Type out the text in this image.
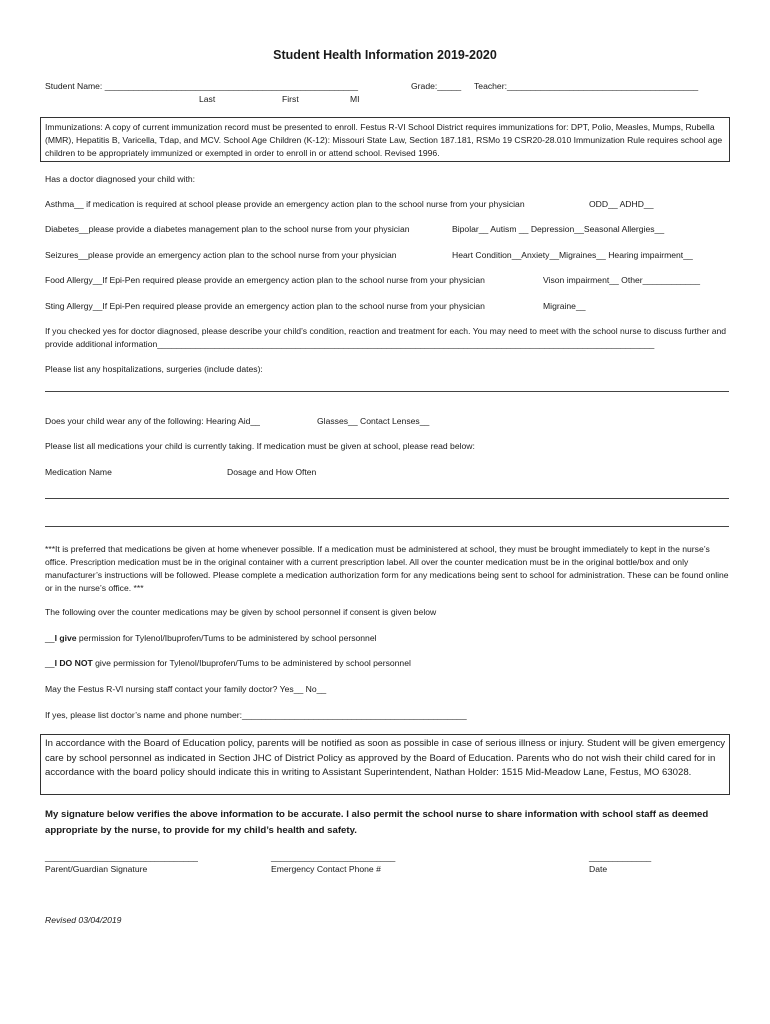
Student Health Information 2019-2020
Student Name: _____________________________________________________	Grade:_____ Teacher:________________________________________
Last	First	MI
Immunizations: A copy of current immunization record must be presented to enroll. Festus R-VI School District requires immunizations for: DPT, Polio, Measles, Mumps, Rubella (MMR), Hepatitis B, Varicella, Tdap, and MCV. School Age Children (K-12): Missouri State Law, Section 187.181, RSMo 19 CSR20-28.010 Immunization Rule requires school age children to be appropriately immunized or exempted in order to enroll in or attend school. Revised 1996.
Has a doctor diagnosed your child with:
Asthma__ if medication is required at school please provide an emergency action plan to the school nurse from your physician	ODD__ ADHD__
Diabetes__please provide a diabetes management plan to the school nurse from your physician	Bipolar__ Autism __ Depression__Seasonal Allergies__
Seizures__please provide an emergency action plan to the school nurse from your physician	Heart Condition__Anxiety__Migraines__ Hearing impairment__
Food Allergy__If Epi-Pen required please provide an emergency action plan to the school nurse from your physician	Vison impairment__ Other____________
Sting Allergy__If Epi-Pen required please provide an emergency action plan to the school nurse from your physician	Migraine__
If you checked yes for doctor diagnosed, please describe your child’s condition, reaction and treatment for each. You may need to meet with the school nurse to discuss further and provide additional information________________________________________________________________________________________________________
Please list any hospitalizations, surgeries (include dates):
Does your child wear any of the following: Hearing Aid__	Glasses__ Contact Lenses__
Please list all medications your child is currently taking. If medication must be given at school, please read below:
Medication Name	Dosage and How Often
***It is preferred that medications be given at home whenever possible. If a medication must be administered at school, they must be brought immediately to kept in the nurse’s office. Prescription medication must be in the original container with a current prescription label. All over the counter medication must be in the original bottle/box and only manufacturer’s instructions will be followed. Please complete a medication authorization form for any medications being sent to school for administration. These can be found online or in the nurse’s office. ***
The following over the counter medications may be given by school personnel if consent is given below
__I give permission for Tylenol/Ibuprofen/Tums to be administered by school personnel
__I DO NOT give permission for Tylenol/Ibuprofen/Tums to be administered by school personnel
May the Festus R-VI nursing staff contact your family doctor? Yes__ No__
If yes, please list doctor’s name and phone number:_______________________________________________
In accordance with the Board of Education policy, parents will be notified as soon as possible in case of serious illness or injury. Student will be given emergency care by school personnel as indicated in Section JHC of District Policy as approved by the Board of Education. Parents who do not wish their child cared for in accordance with the board policy should indicate this in writing to Assistant Superintendent, Nathan Holder: 1515 Mid-Meadow Lane, Festus, MO 63028.
My signature below verifies the above information to be accurate. I also permit the school nurse to share information with school staff as deemed appropriate by the nurse, to provide for my child’s health and safety.
________________________________
Parent/Guardian Signature
__________________________
Emergency Contact Phone #
_____________
Date
Revised 03/04/2019
